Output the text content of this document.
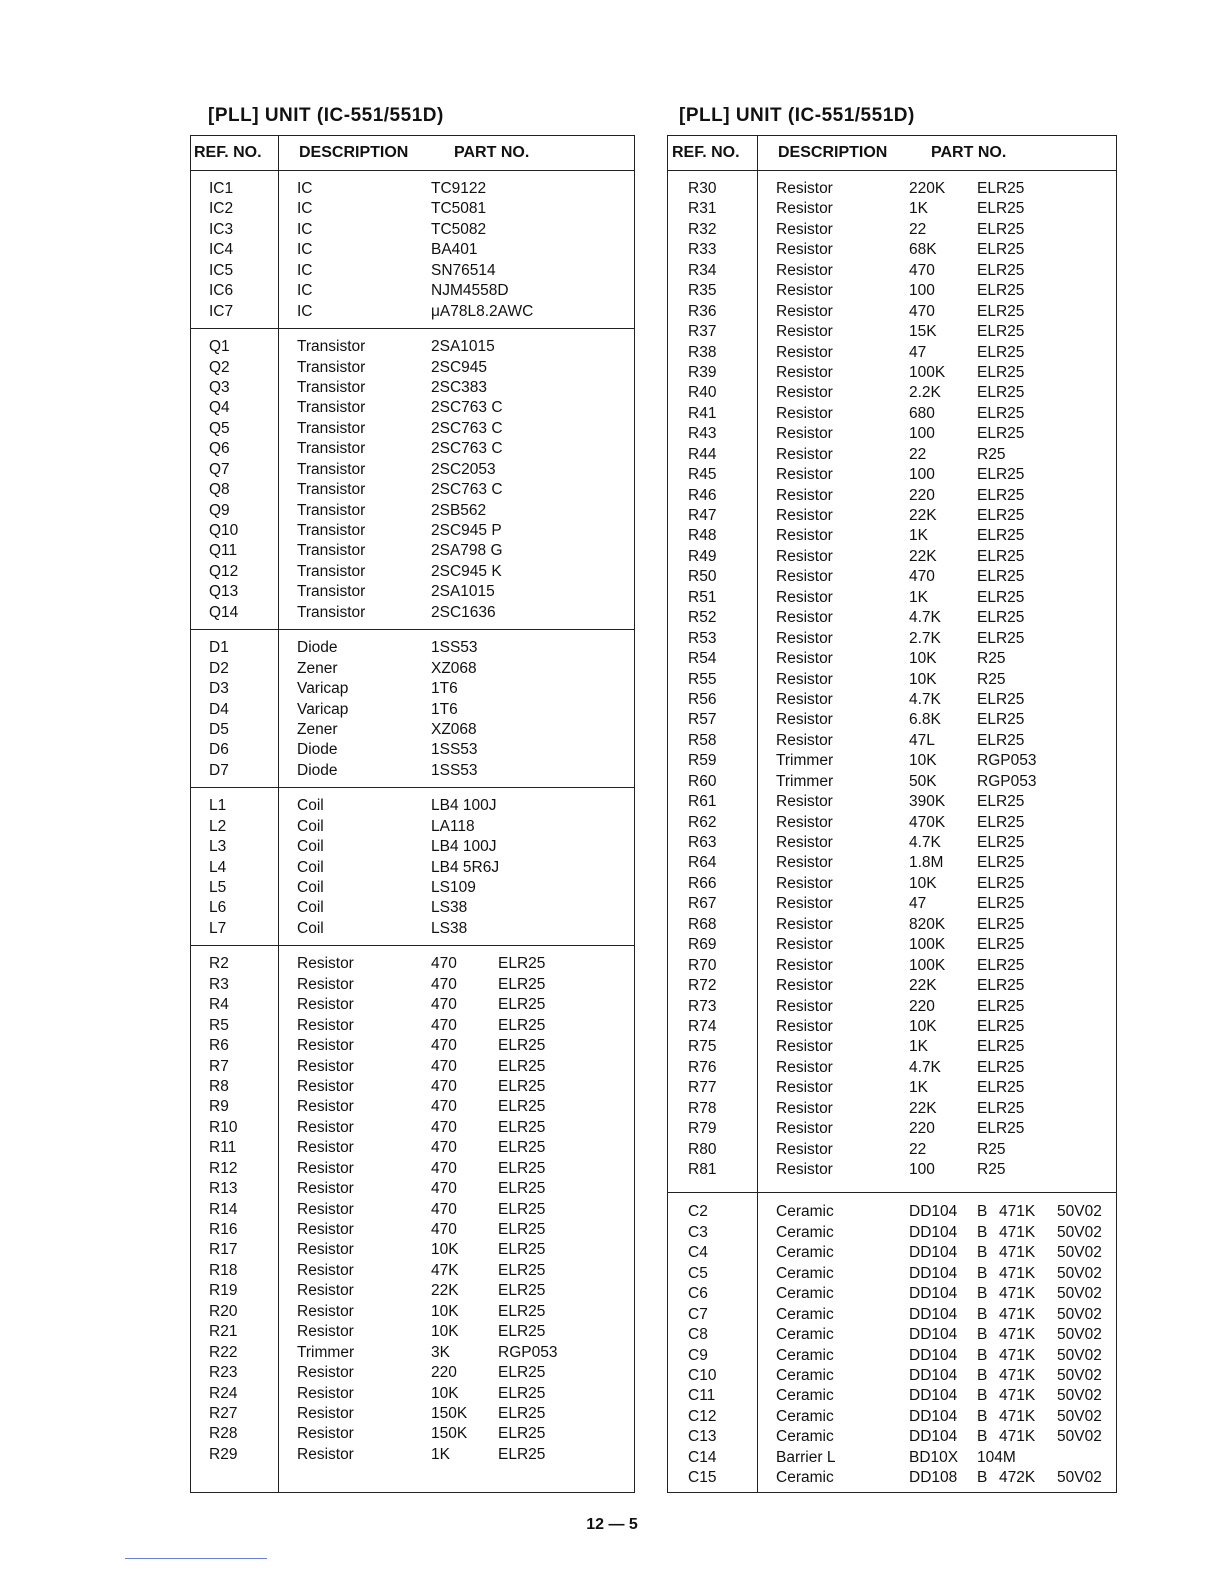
[PLL] UNIT (IC-551/551D)
REF. NO. DESCRIPTION	PART NO.
IC1	IC	TC9122
IC2	IC	TC5081
IC3	IC	TC5082
IC4	IC	BA401
IC5	IC	SN76514
IC6	IC	NJM4558D
IC7	IC	μA78L8.2AWC
Q1	Transistor	2SA1015
Q2	Transistor	2SC945
Q3	Transistor	2SC383
Q4	Transistor	2SC763 C
Q5	Transistor	2SC763 C
Q6	Transistor	2SC763 C
Q7	Transistor	2SC2053
Q8	Transistor	2SC763 C
Q9	Transistor	2SB562
Q10	Transistor	2SC945 P
Q11	Transistor	2SA798 G
Q12	Transistor	2SC945 K
Q13	Transistor	2SA1015
Q14	Transistor	2SC1636
D1	Diode	1SS53
D2	Zener	XZ068
D3	Varicap	1T6
D4	Varicap	1T6
D5	Zener	XZ068
D6	Diode	1SS53
D7	Diode	1SS53
L1	Coil	LB4 100J
L2	Coil	LA118
L3	Coil	LB4 100J
L4	Coil	LB4 5R6J
L5	Coil	LS109
L6	Coil	LS38
L7	Coil	LS38
R2	Resistor	470	ELR25
R3	Resistor	470	ELR25
R4	Resistor	470	ELR25
R5	Resistor	470	ELR25
R6	Resistor	470	ELR25
R7	Resistor	470	ELR25
R8	Resistor	470	ELR25
R9	Resistor	470	ELR25
R10	Resistor	470	ELR25
R11	Resistor	470	ELR25
R12	Resistor	470	ELR25
R13	Resistor	470	ELR25
R14	Resistor	470	ELR25
R16	Resistor	470	ELR25
R17	Resistor	10K	ELR25
R18	Resistor	47K	ELR25
R19	Resistor	22K	ELR25
R20	Resistor	10K	ELR25
R21	Resistor	10K	ELR25
R22	Trimmer	3K	RGP053
R23	Resistor	220	ELR25
R24	Resistor	10K	ELR25
R27	Resistor	150K ELR25
R28	Resistor	150K ELR25
R29	Resistor	1K	ELR25
[PLL] UNIT (IC-551/551D)
REF. NO. DESCRIPTION	PART NO.
R30	Resistor	220K ELR25
R31	Resistor	1K	ELR25
R32	Resistor	22	ELR25
R33	Resistor	68K	ELR25
R34	Resistor	470	ELR25
R35	Resistor	100	ELR25
R36	Resistor	470	ELR25
R37	Resistor	15K	ELR25
R38	Resistor	47	ELR25
R39	Resistor	100K ELR25
R40	Resistor	2.2K ELR25
R41	Resistor	680	ELR25
R43	Resistor	100	ELR25
R44	Resistor	22	R25
R45	Resistor	100	ELR25
R46	Resistor	220	ELR25
R47	Resistor	22K	ELR25
R48	Resistor	1K	ELR25
R49	Resistor	22K	ELR25
R50	Resistor	470	ELR25
R51	Resistor	1K	ELR25
R52	Resistor	4.7K ELR25
R53	Resistor	2.7K ELR25
R54	Resistor	10K	R25
R55	Resistor	10K	R25
R56	Resistor	4.7K ELR25
R57	Resistor	6.8K ELR25
R58	Resistor	47L	ELR25
R59	Trimmer	10K	RGP053
R60	Trimmer	50K	RGP053
R61	Resistor	390K ELR25
R62	Resistor	470K ELR25
R63	Resistor	4.7K ELR25
R64	Resistor	1.8M ELR25
R66	Resistor	10K	ELR25
R67	Resistor	47	ELR25
R68	Resistor	820K ELR25
R69	Resistor	100K ELR25
R70	Resistor	100K ELR25
R72	Resistor	22K	ELR25
R73	Resistor	220	ELR25
R74	Resistor	10K	ELR25
R75	Resistor	1K	ELR25
R76	Resistor	4.7K ELR25
R77	Resistor	1K	ELR25
R78	Resistor	22K	ELR25
R79	Resistor	220	ELR25
R80	Resistor	22	R25
R81	Resistor	100	R25
C2	Ceramic	DD104 B 471K 50V02
C3	Ceramic	DD104 B 471K 50V02
C4	Ceramic	DD104 B 471K 50V02
C5	Ceramic	DD104 B 471K 50V02
C6	Ceramic	DD104 B 471K 50V02
C7	Ceramic	DD104 B 471K 50V02
C8	Ceramic	DD104 B 471K 50V02
C9	Ceramic	DD104 B 471K 50V02
C10	Ceramic	DD104 B 471K 50V02
C11	Ceramic	DD104 B 471K 50V02
C12	Ceramic	DD104 B 471K 50V02
C13	Ceramic	DD104 B 471K 50V02
C14	Barrier L	BD10X 104M
C15	Ceramic	DD108 B 472K 50V02
12 — 5
